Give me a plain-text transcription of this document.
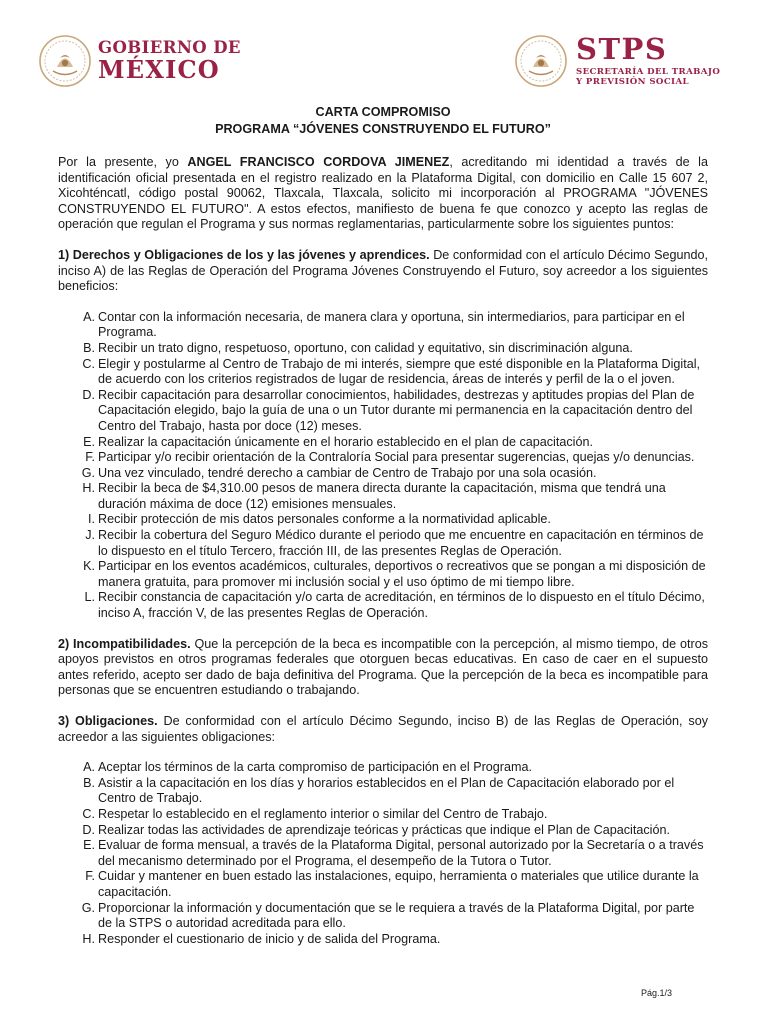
GOBIERNO DE
MÉXICO
STPS
SECRETARÍA DEL TRABAJO
Y PREVISIÓN SOCIAL
CARTA COMPROMISO
PROGRAMA “JÓVENES CONSTRUYENDO EL FUTURO”

Por la presente, yo ANGEL FRANCISCO CORDOVA JIMENEZ, acreditando mi identidad a través de la identificación oficial presentada en el registro realizado en la Plataforma Digital, con domicilio en Calle 15 607 2, Xicohténcatl, código postal 90062, Tlaxcala, Tlaxcala, solicito mi incorporación al PROGRAMA "JÓVENES CONSTRUYENDO EL FUTURO". A estos efectos, manifiesto de buena fe que conozco y acepto las reglas de operación que regulan el Programa y sus normas reglamentarias, particularmente sobre los siguientes puntos:

1) Derechos y Obligaciones de los y las jóvenes y aprendices. De conformidad con el artículo Décimo Segundo, inciso A) de las Reglas de Operación del Programa Jóvenes Construyendo el Futuro, soy acreedor a los siguientes beneficios:

A. Contar con la información necesaria, de manera clara y oportuna, sin intermediarios, para participar en el Programa.
B. Recibir un trato digno, respetuoso, oportuno, con calidad y equitativo, sin discriminación alguna.
C. Elegir y postularme al Centro de Trabajo de mi interés, siempre que esté disponible en la Plataforma Digital, de acuerdo con los criterios registrados de lugar de residencia, áreas de interés y perfil de la o el joven.
D. Recibir capacitación para desarrollar conocimientos, habilidades, destrezas y aptitudes propias del Plan de Capacitación elegido, bajo la guía de una o un Tutor durante mi permanencia en la capacitación dentro del Centro del Trabajo, hasta por doce (12) meses.
E. Realizar la capacitación únicamente en el horario establecido en el plan de capacitación.
F. Participar y/o recibir orientación de la Contraloría Social para presentar sugerencias, quejas y/o denuncias.
G. Una vez vinculado, tendré derecho a cambiar de Centro de Trabajo por una sola ocasión.
H. Recibir la beca de $4,310.00 pesos de manera directa durante la capacitación, misma que tendrá una duración máxima de doce (12) emisiones mensuales.
I. Recibir protección de mis datos personales conforme a la normatividad aplicable.
J. Recibir la cobertura del Seguro Médico durante el periodo que me encuentre en capacitación en términos de lo dispuesto en el título Tercero, fracción III, de las presentes Reglas de Operación.
K. Participar en los eventos académicos, culturales, deportivos o recreativos que se pongan a mi disposición de manera gratuita, para promover mi inclusión social y el uso óptimo de mi tiempo libre.
L. Recibir constancia de capacitación y/o carta de acreditación, en términos de lo dispuesto en el título Décimo, inciso A, fracción V, de las presentes Reglas de Operación.

2) Incompatibilidades. Que la percepción de la beca es incompatible con la percepción, al mismo tiempo, de otros apoyos previstos en otros programas federales que otorguen becas educativas. En caso de caer en el supuesto antes referido, acepto ser dado de baja definitiva del Programa. Que la percepción de la beca es incompatible para personas que se encuentren estudiando o trabajando.

3) Obligaciones. De conformidad con el artículo Décimo Segundo, inciso B) de las Reglas de Operación, soy acreedor a las siguientes obligaciones:

A. Aceptar los términos de la carta compromiso de participación en el Programa.
B. Asistir a la capacitación en los días y horarios establecidos en el Plan de Capacitación elaborado por el Centro de Trabajo.
C. Respetar lo establecido en el reglamento interior o similar del Centro de Trabajo.
D. Realizar todas las actividades de aprendizaje teóricas y prácticas que indique el Plan de Capacitación.
E. Evaluar de forma mensual, a través de la Plataforma Digital, personal autorizado por la Secretaría o a través del mecanismo determinado por el Programa, el desempeño de la Tutora o Tutor.
F. Cuidar y mantener en buen estado las instalaciones, equipo, herramienta o materiales que utilice durante la capacitación.
G. Proporcionar la información y documentación que se le requiera a través de la Plataforma Digital, por parte de la STPS o autoridad acreditada para ello.
H. Responder el cuestionario de inicio y de salida del Programa.
Pág.1/3
